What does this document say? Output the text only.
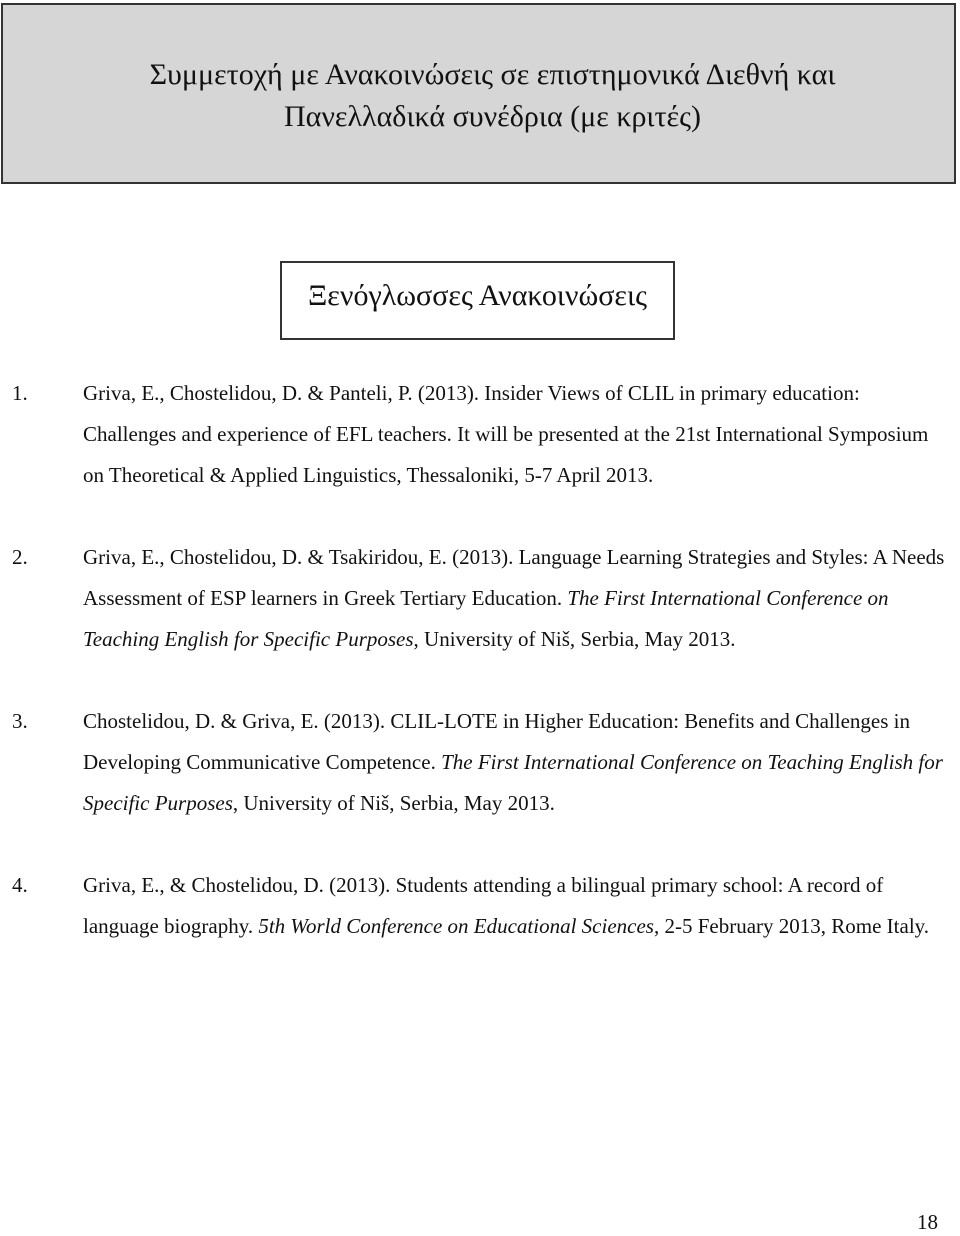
Συμμετοχή με Ανακοινώσεις σε επιστημονικά Διεθνή και
Πανελλαδικά συνέδρια (με κριτές)
Ξενόγλωσσες Ανακοινώσεις
1.	Griva, E., Chostelidou, D. & Panteli, P. (2013). Insider Views of CLIL in primary education: Challenges and experience of EFL teachers. It will be presented at the 21st International Symposium on Theoretical & Applied Linguistics, Thessaloniki, 5-7 April 2013.
2.	Griva, E., Chostelidou, D. & Tsakiridou, E. (2013). Language Learning Strategies and Styles: A Needs Assessment of ESP learners in Greek Tertiary Education. The First International Conference on Teaching English for Specific Purposes, University of Niš, Serbia, May 2013.
3.	Chostelidou, D. & Griva, E. (2013). CLIL-LOTE in Higher Education: Benefits and Challenges in Developing Communicative Competence. The First International Conference on Teaching English for Specific Purposes, University of Niš, Serbia, May 2013.
4.	Griva, E., & Chostelidou, D. (2013). Students attending a bilingual primary school: A record of language biography. 5th World Conference on Educational Sciences, 2-5 February 2013, Rome Italy.
18
